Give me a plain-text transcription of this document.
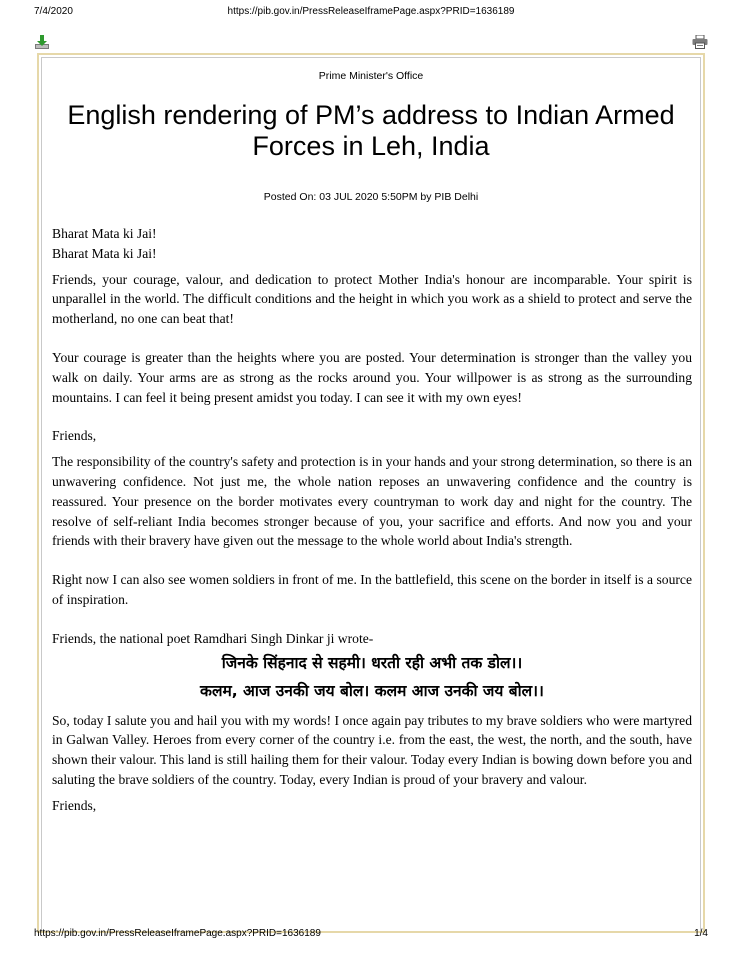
7/4/2020	https://pib.gov.in/PressReleaseIframePage.aspx?PRID=1636189
Prime Minister's Office
English rendering of PM’s address to Indian Armed Forces in Leh, India
Posted On: 03 JUL 2020 5:50PM by PIB Delhi
Bharat Mata ki Jai!
Bharat Mata ki Jai!

Friends, your courage, valour, and dedication to protect Mother India's honour are incomparable. Your spirit is unparallel in the world. The difficult conditions and the height in which you work as a shield to protect and serve the motherland, no one can beat that!

Your courage is greater than the heights where you are posted. Your determination is stronger than the valley you walk on daily. Your arms are as strong as the rocks around you. Your willpower is as strong as the surrounding mountains. I can feel it being present amidst you today. I can see it with my own eyes!

Friends,

The responsibility of the country's safety and protection is in your hands and your strong determination, so there is an unwavering confidence. Not just me, the whole nation reposes an unwavering confidence and the country is reassured. Your presence on the border motivates every countryman to work day and night for the country. The resolve of self-reliant India becomes stronger because of you, your sacrifice and efforts. And now you and your friends with their bravery have given out the message to the whole world about India's strength.

Right now I can also see women soldiers in front of me. In the battlefield, this scene on the border in itself is a source of inspiration.

Friends, the national poet Ramdhari Singh Dinkar ji wrote-

जिनके सिंहनाद से सहमी। धरती रही अभी तक डोल।।

कलम, आज उनकी जय बोल। कलम आज उनकी जय बोल।।

So, today I salute you and hail you with my words! I once again pay tributes to my brave soldiers who were martyred in Galwan Valley. Heroes from every corner of the country i.e. from the east, the west, the north, and the south, have shown their valour. This land is still hailing them for their valour. Today every Indian is bowing down before you and saluting the brave soldiers of the country. Today, every Indian is proud of your bravery and valour.

Friends,

https://pib.gov.in/PressReleaseIframePage.aspx?PRID=1636189	1/4
